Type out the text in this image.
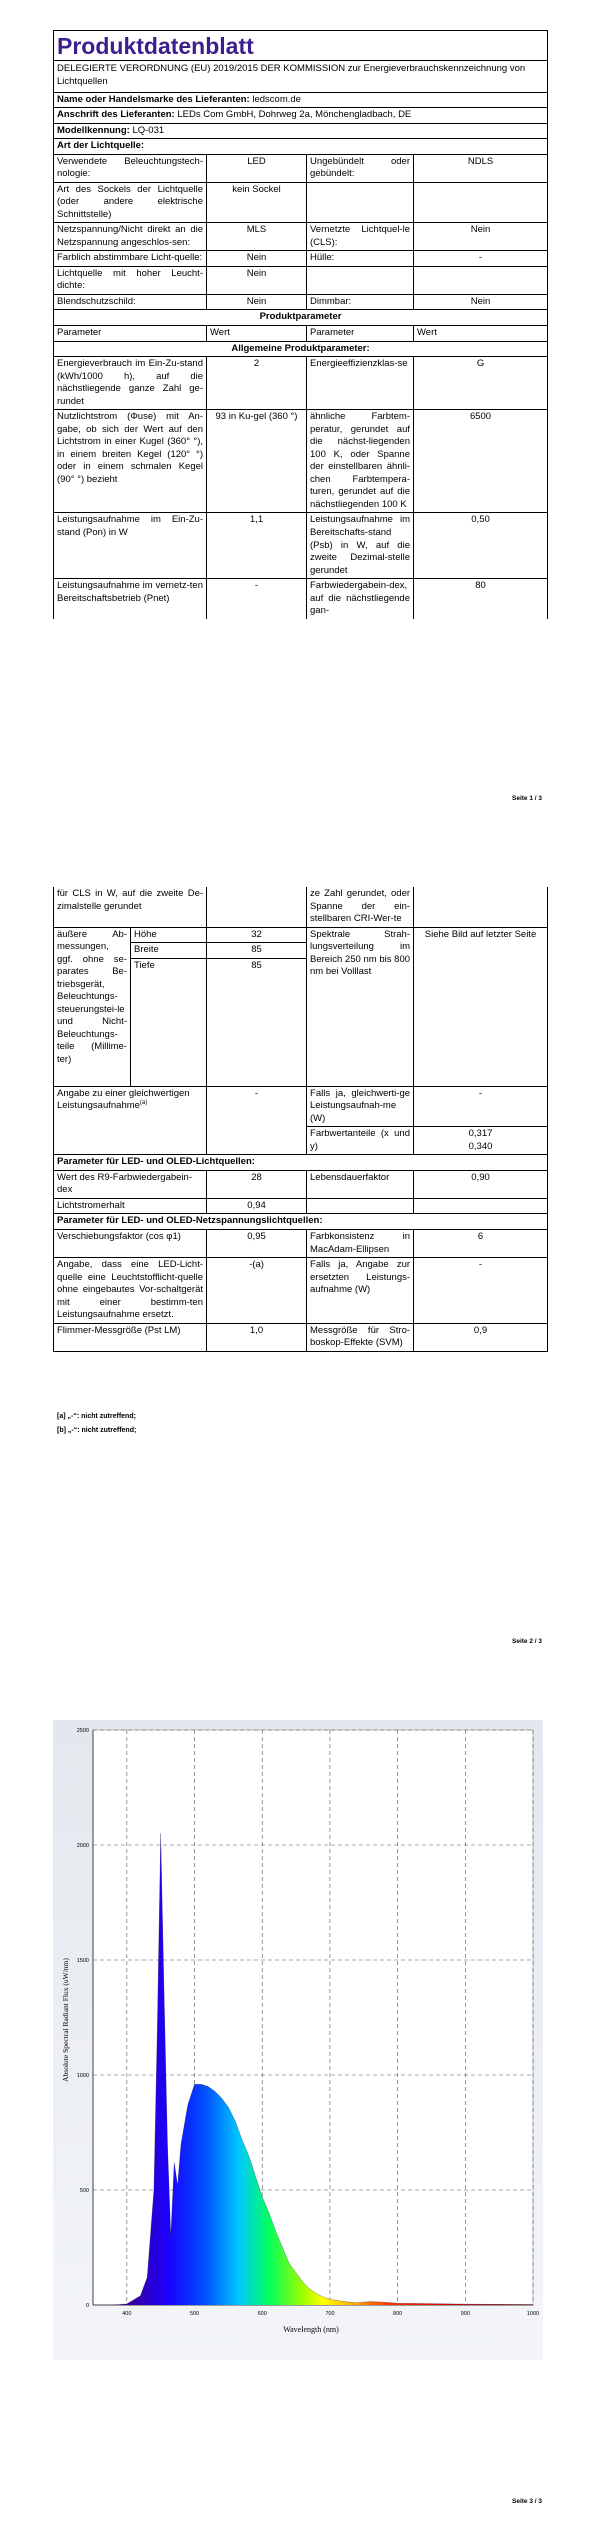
Produktdatenblatt			
DELEGIERTE VERORDNUNG (EU) 2019/2015 DER KOMMISSION zur Energieverbrauchskennzeichnung von Lichtquellen			
Name oder Handelsmarke des Lieferanten: ledscom.de			
Anschrift des Lieferanten: LEDs Com GmbH, Dohrweg 2a, Mönchengladbach, DE			
Modellkennung: LQ-031			
Art der Lichtquelle:			
Verwendete Beleuchtungstech-nologie:	LED	Ungebündelt oder gebündelt:	NDLS
Art des Sockels der Lichtquelle (oder andere elektrische Schnittstelle)	kein Sockel		
Netzspannung/Nicht direkt an die Netzspannung angeschlos-sen:	MLS	Vernetzte Lichtquel-le (CLS):	Nein
Farblich abstimmbare Licht-quelle:	Nein	Hülle:	-
Lichtquelle mit hoher Leucht-dichte:	Nein		
Blendschutzschild:	Nein	Dimmbar:	Nein
Produktparameter			
Parameter	Wert	Parameter	Wert
Allgemeine Produktparameter:			
Energieverbrauch im Ein-Zu-stand (kWh/1000 h), auf die nächstliegende ganze Zahl ge-rundet	2	Energieeffizienzklas-se	G
Nutzlichtstrom (Φuse) mit An-gabe, ob sich der Wert auf den Lichtstrom in einer Kugel (360° °), in einem breiten Kegel (120° °) oder in einem schmalen Kegel (90° °) bezieht	93 in Ku-gel (360 °)	ähnliche Farbtem-peratur, gerundet auf die nächst-liegenden 100 K, oder Spanne der einstellbaren ähnli-chen Farbtempera-turen, gerundet auf die nächstliegenden 100 K	6500
Leistungsaufnahme im Ein-Zu-stand (Pon) in W	1,1	Leistungsaufnahme im Bereitschafts-stand (Psb) in W, auf die zweite Dezimal-stelle gerundet	0,50
Leistungsaufnahme im vernetz-ten Bereitschaftsbetrieb (Pnet)	-	Farbwiedergabein-dex, auf die nächstliegende gan-	80
Seite 1 / 3
für CLS in W, auf die zweite De-zimalstelle gerundet			ze Zahl gerundet, oder Spanne der ein-stellbaren CRI-Wer-te	
äußere Ab-messungen, ggf. ohne se-parates Be-triebsgerät, Beleuchtungs-steuerungstei-le und Nicht-Beleuchtungs-teile (Millime-ter)	Höhe	32	Spektrale Strah-lungsverteilung im Bereich 250 nm bis 800 nm bei Volllast	Siehe Bild auf letzter Seite
	Breite	85		
	Tiefe	85		
Angabe zu einer gleichwertigen Leistungsaufnahme$^{(a)}$		-	Falls ja, gleichwerti-ge Leistungsaufnah-me (W)	-
			Farbwertanteile (x und y)	0,317
0,340

Parameter für LED- und OLED-Lichtquellen:				
Wert des R9-Farbwiedergabein-dex		28	Lebensdauerfaktor	0,90
Lichtstromerhalt		0,94		
Parameter für LED- und OLED-Netzspannungslichtquellen:				
Verschiebungsfaktor (cos φ1)		0,95	Farbkonsistenz in MacAdam-Ellipsen	6
Angabe, dass eine LED-Licht-quelle eine Leuchtstofflicht-quelle ohne eingebautes Vor-schaltgerät mit einer bestimm-ten Leistungsaufnahme ersetzt.		-(a)	Falls ja, Angabe zur ersetzten Leistungs-aufnahme (W)	-
Flimmer-Messgröße (Pst LM)		1,0	Messgröße für Stro-boskop-Effekte (SVM)	0,9
[a] „-“: nicht zutreffend;
[b] „-“: nicht zutreffend;
Seite 2 / 3
0
500
1000
1500
2000
2500
400	500	600	700	800	900	1000
Wavelength (nm)
Absolute Spectral Radiant Flux (uW/nm)
Seite 3 / 3
